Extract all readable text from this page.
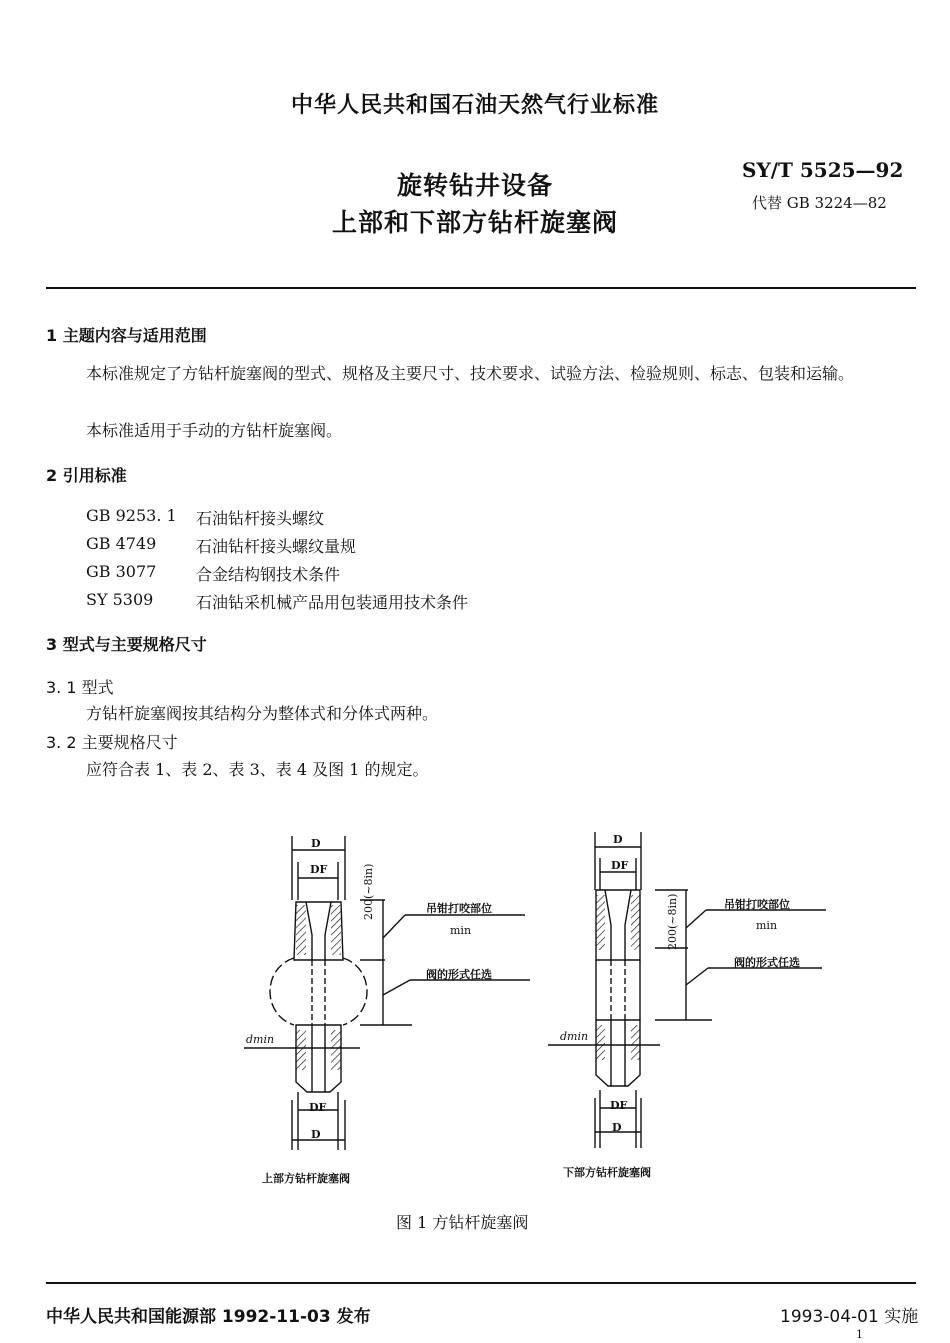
中华人民共和国石油天然气行业标准
旋转钻井设备
上部和下部方钻杆旋塞阀
SY/T 5525—92
代替 GB 3224—82
1 主题内容与适用范围
本标准规定了方钻杆旋塞阀的型式、规格及主要尺寸、技术要求、试验方法、检验规则、标志、包装和运输。
本标准适用于手动的方钻杆旋塞阀。
2 引用标准
GB 9253. 1 石油钻杆接头螺纹
GB 4749 石油钻杆接头螺纹量规
GB 3077 合金结构钢技术条件
SY 5309	石油钻采机械产品用包装通用技术条件
3 型式与主要规格尺寸
3. 1 型式
方钻杆旋塞阀按其结构分为整体式和分体式两种。
3. 2 主要规格尺寸
应符合表 1、表 2、表 3、表 4 及图 1 的规定。
D
DF	200(~8in)	吊钳打咬部位
min
阀的形式任选
dmin
DF
D
上部方钻杆旋塞阀
D
DF
200(~8in)	吊钳打咬部位
min
阀的形式任选
dmin
DF
D
下部方钻杆旋塞阀
图 1 方钻杆旋塞阀
中华人民共和国能源部 1992-11-03 发布	1993-04-01 实施
1
